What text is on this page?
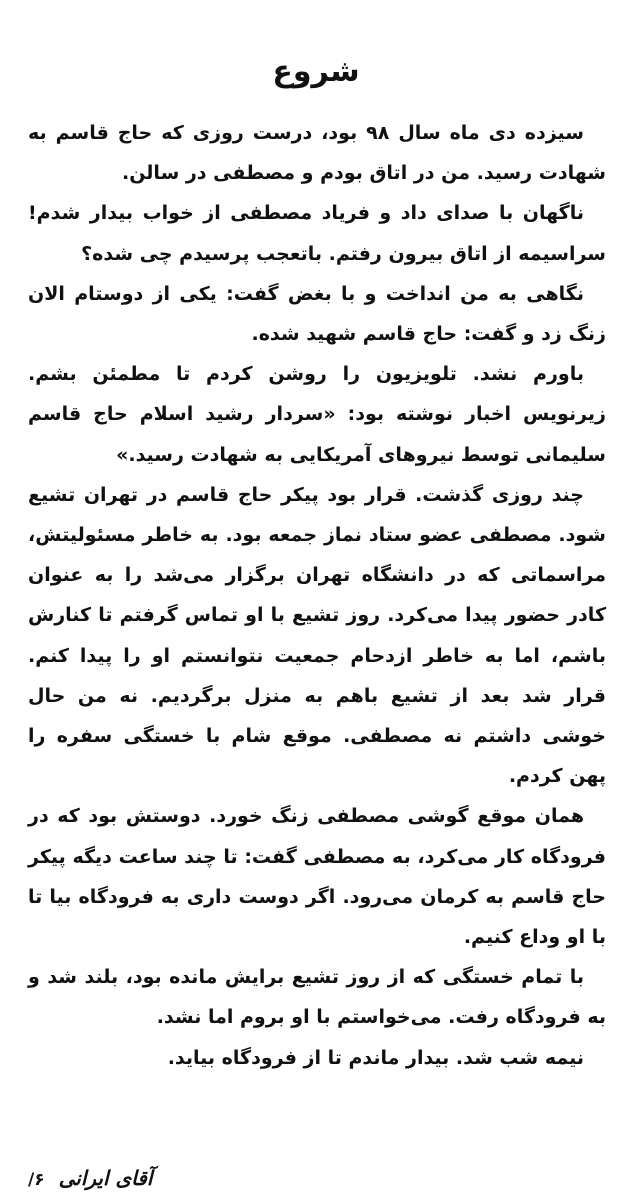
شروع

سیزده دی ماه سال ۹۸ بود، درست روزی که حاج قاسم به شهادت رسید. من در اتاق بودم و مصطفی در سالن.

ناگهان با صدای داد و فریاد مصطفی از خواب بیدار شدم! سراسیمه از اتاق بیرون رفتم. باتعجب پرسیدم چی شده؟

نگاهی به من انداخت و با بغض گفت: یکی از دوستام الان زنگ زد و گفت: حاج قاسم شهید شده.

باورم نشد. تلویزیون را روشن کردم تا مطمئن بشم. زیرنویس اخبار نوشته بود: «سردار رشید اسلام حاج قاسم سلیمانی توسط نیروهای آمریکایی به شهادت رسید.»

چند روزی گذشت. قرار بود پیکر حاج قاسم در تهران تشیع شود. مصطفی عضو ستاد نماز جمعه بود. به خاطر مسئولیتش، مراسماتی که در دانشگاه تهران برگزار می‌شد را به عنوان کادر حضور پیدا می‌کرد. روز تشیع با او تماس گرفتم تا کنارش باشم، اما به خاطر ازدحام جمعیت نتوانستم او را پیدا کنم. قرار شد بعد از تشیع باهم به منزل برگردیم. نه من حال خوشی داشتم نه مصطفی. موقع شام با خستگی سفره را پهن کردم.

همان موقع گوشی مصطفی زنگ خورد. دوستش بود که در فرودگاه کار می‌کرد، به مصطفی گفت: تا چند ساعت دیگه پیکر حاج قاسم به کرمان می‌رود. اگر دوست داری به فرودگاه بیا تا با او وداع کنیم.

با تمام خستگی که از روز تشیع برایش مانده بود، بلند شد و به فرودگاه رفت. می‌خواستم با او بروم اما نشد.

نیمه شب شد. بیدار ماندم تا از فرودگاه بیاید.

/۶ آقای ایرانی
